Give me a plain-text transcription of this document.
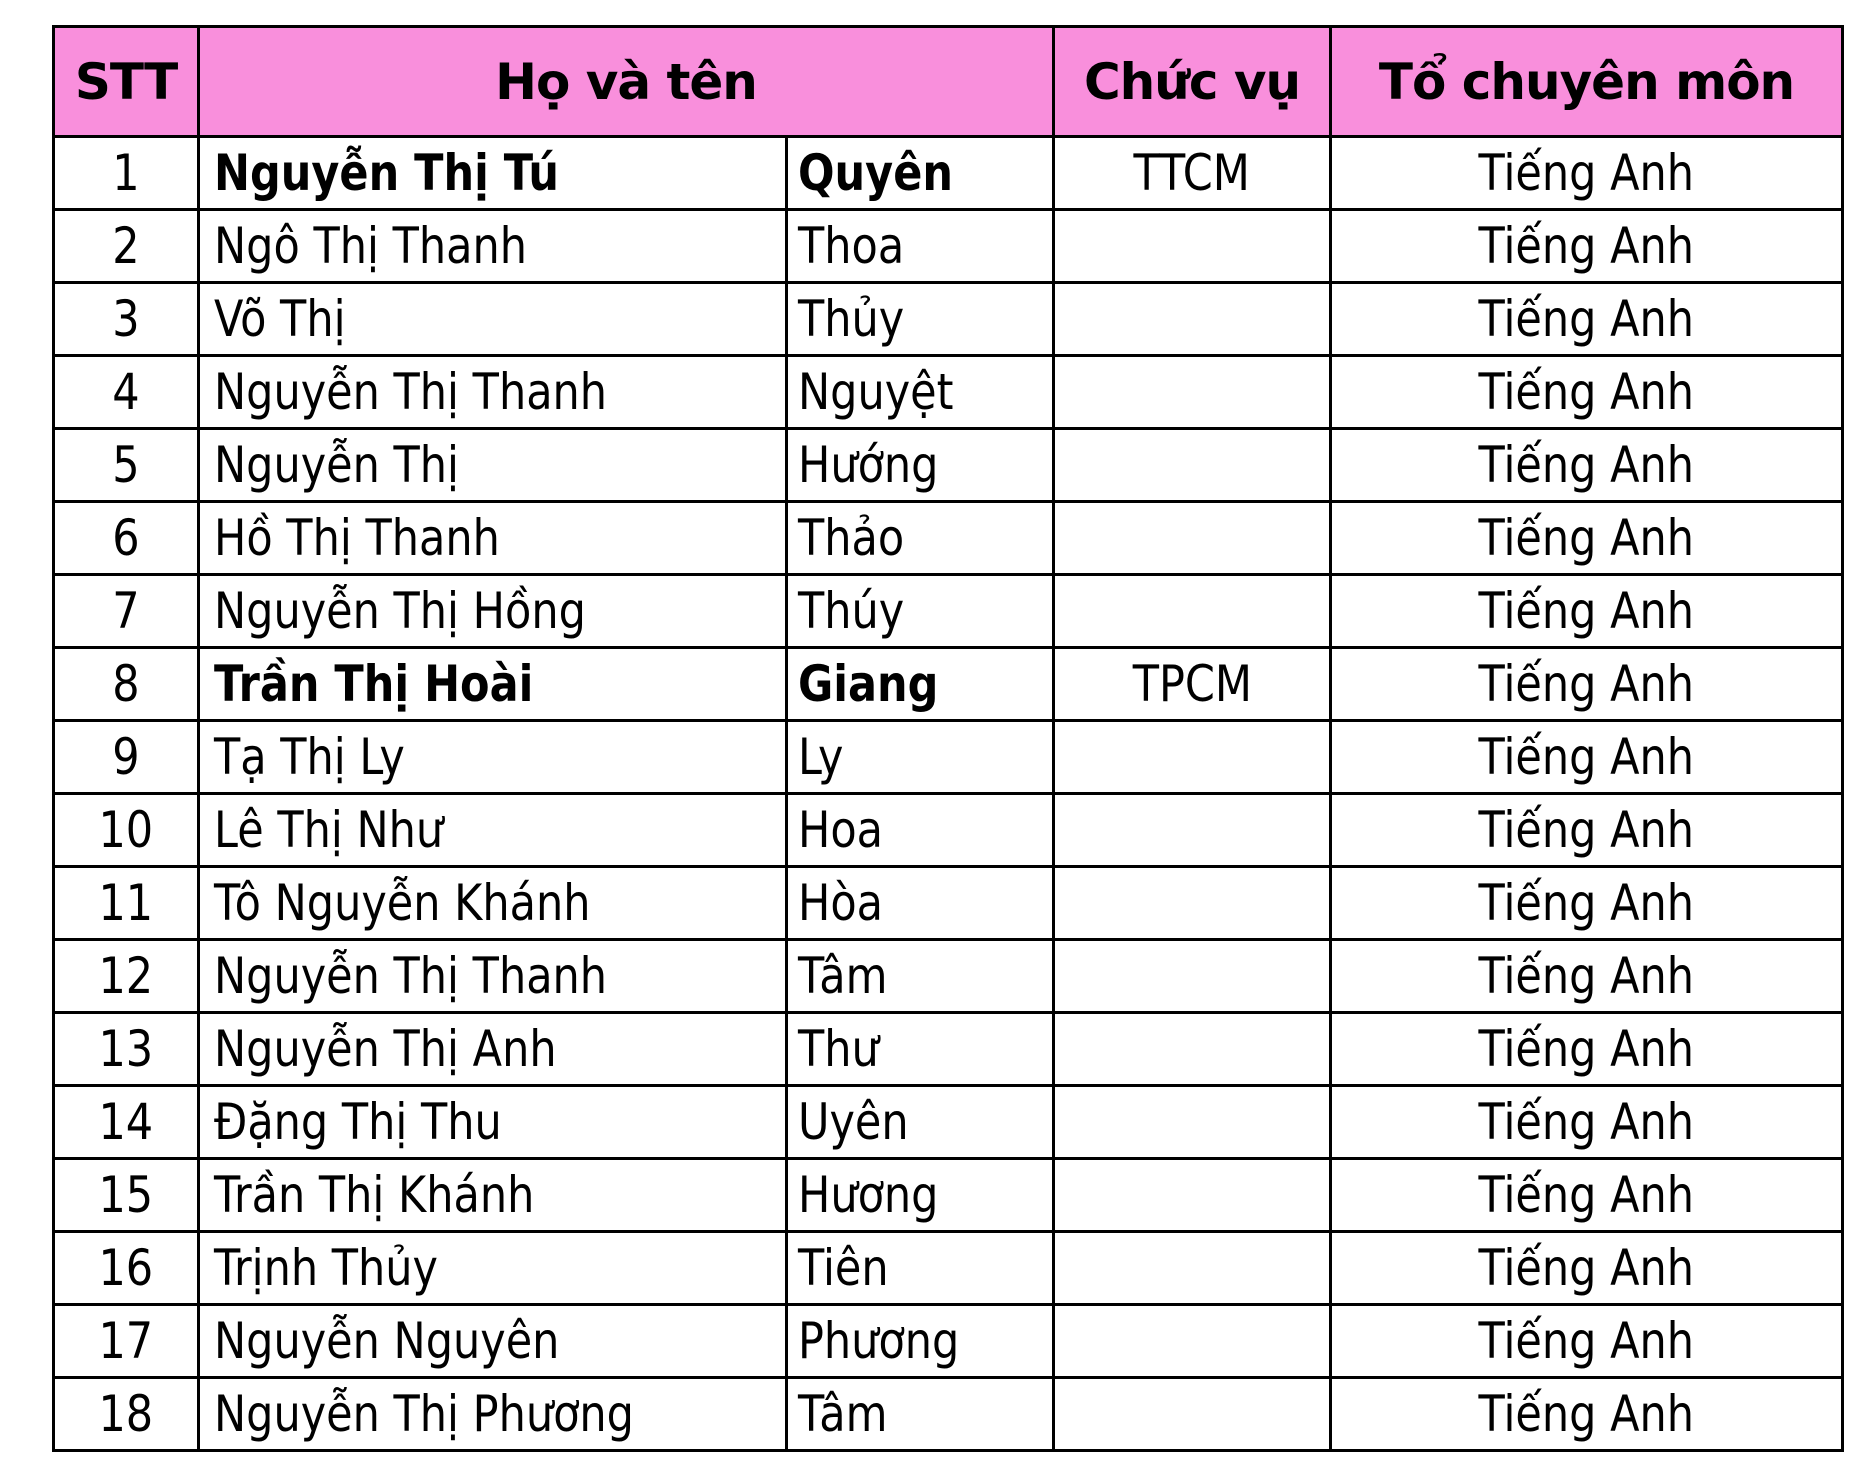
STT	Họ và tên		Chức vụ	Tổ chuyên môn
1	Nguyễn Thị Tú	Quyên	TTCM	Tiếng Anh
2	Ngô Thị Thanh	Thoa		Tiếng Anh
3	Võ Thị	Thủy		Tiếng Anh
4	Nguyễn Thị Thanh	Nguyệt		Tiếng Anh
5	Nguyễn Thị	Hướng		Tiếng Anh
6	Hồ Thị Thanh	Thảo		Tiếng Anh
7	Nguyễn Thị Hồng	Thúy		Tiếng Anh
8	Trần Thị Hoài	Giang	TPCM	Tiếng Anh
9	Tạ Thị Ly	Ly		Tiếng Anh
10	Lê Thị Như	Hoa		Tiếng Anh
11	Tô Nguyễn Khánh	Hòa		Tiếng Anh
12	Nguyễn Thị Thanh	Tâm		Tiếng Anh
13	Nguyễn Thị Anh	Thư		Tiếng Anh
14	Đặng Thị Thu	Uyên		Tiếng Anh
15	Trần Thị Khánh	Hương		Tiếng Anh
16	Trịnh Thủy	Tiên		Tiếng Anh
17	Nguyễn Nguyên	Phương		Tiếng Anh
18	Nguyễn Thị Phương	Tâm		Tiếng Anh
